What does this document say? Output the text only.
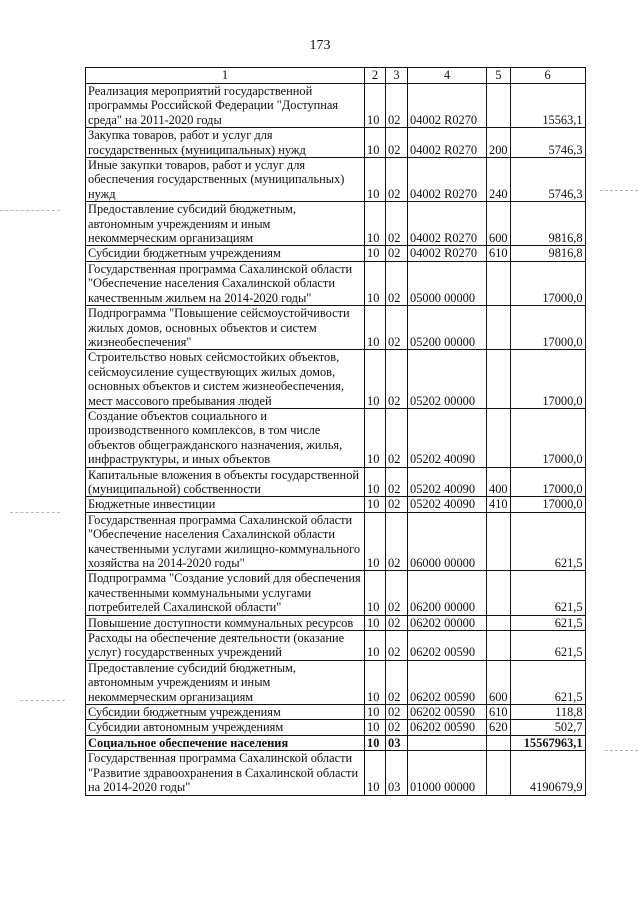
173
1	2	3	4	5	6
Реализация мероприятий государственной программы Российской Федерации "Доступная среда" на 2011-2020 годы	10	02	04002 R0270		15563,1
Закупка товаров, работ и услуг для государственных (муниципальных) нужд	10	02	04002 R0270	200	5746,3
Иные закупки товаров, работ и услуг для обеспечения государственных (муниципальных) нужд	10	02	04002 R0270	240	5746,3
Предоставление субсидий бюджетным, автономным учреждениям и иным некоммерческим организациям	10	02	04002 R0270	600	9816,8
Субсидии бюджетным учреждениям	10	02	04002 R0270	610	9816,8
Государственная программа Сахалинской области "Обеспечение населения Сахалинской области качественным жильем на 2014-2020 годы"	10	02	05000 00000		17000,0
Подпрограмма "Повышение сейсмоустойчивости жилых домов, основных объектов и систем жизнеобеспечения"	10	02	05200 00000		17000,0
Строительство новых сейсмостойких объектов, сейсмоусиление существующих жилых домов, основных объектов и систем жизнеобеспечения, мест массового пребывания людей	10	02	05202 00000		17000,0
Создание объектов социального и производственного комплексов, в том числе объектов общегражданского назначения, жилья, инфраструктуры, и иных объектов	10	02	05202 40090		17000,0
Капитальные вложения в объекты государственной (муниципальной) собственности	10	02	05202 40090	400	17000,0
Бюджетные инвестиции	10	02	05202 40090	410	17000,0
Государственная программа Сахалинской области "Обеспечение населения Сахалинской области качественными услугами жилищно-коммунального хозяйства на 2014-2020 годы"	10	02	06000 00000		621,5
Подпрограмма "Создание условий для обеспечения качественными коммунальными услугами потребителей Сахалинской области"	10	02	06200 00000		621,5
Повышение доступности коммунальных ресурсов	10	02	06202 00000		621,5
Расходы на обеспечение деятельности (оказание услуг) государственных учреждений	10	02	06202 00590		621,5
Предоставление субсидий бюджетным, автономным учреждениям и иным некоммерческим организациям	10	02	06202 00590	600	621,5
Субсидии бюджетным учреждениям	10	02	06202 00590	610	118,8
Субсидии автономным учреждениям	10	02	06202 00590	620	502,7
Социальное обеспечение населения	10	03			15567963,1
Государственная программа Сахалинской области "Развитие здравоохранения в Сахалинской области на 2014-2020 годы"	10	03	01000 00000		4190679,9
